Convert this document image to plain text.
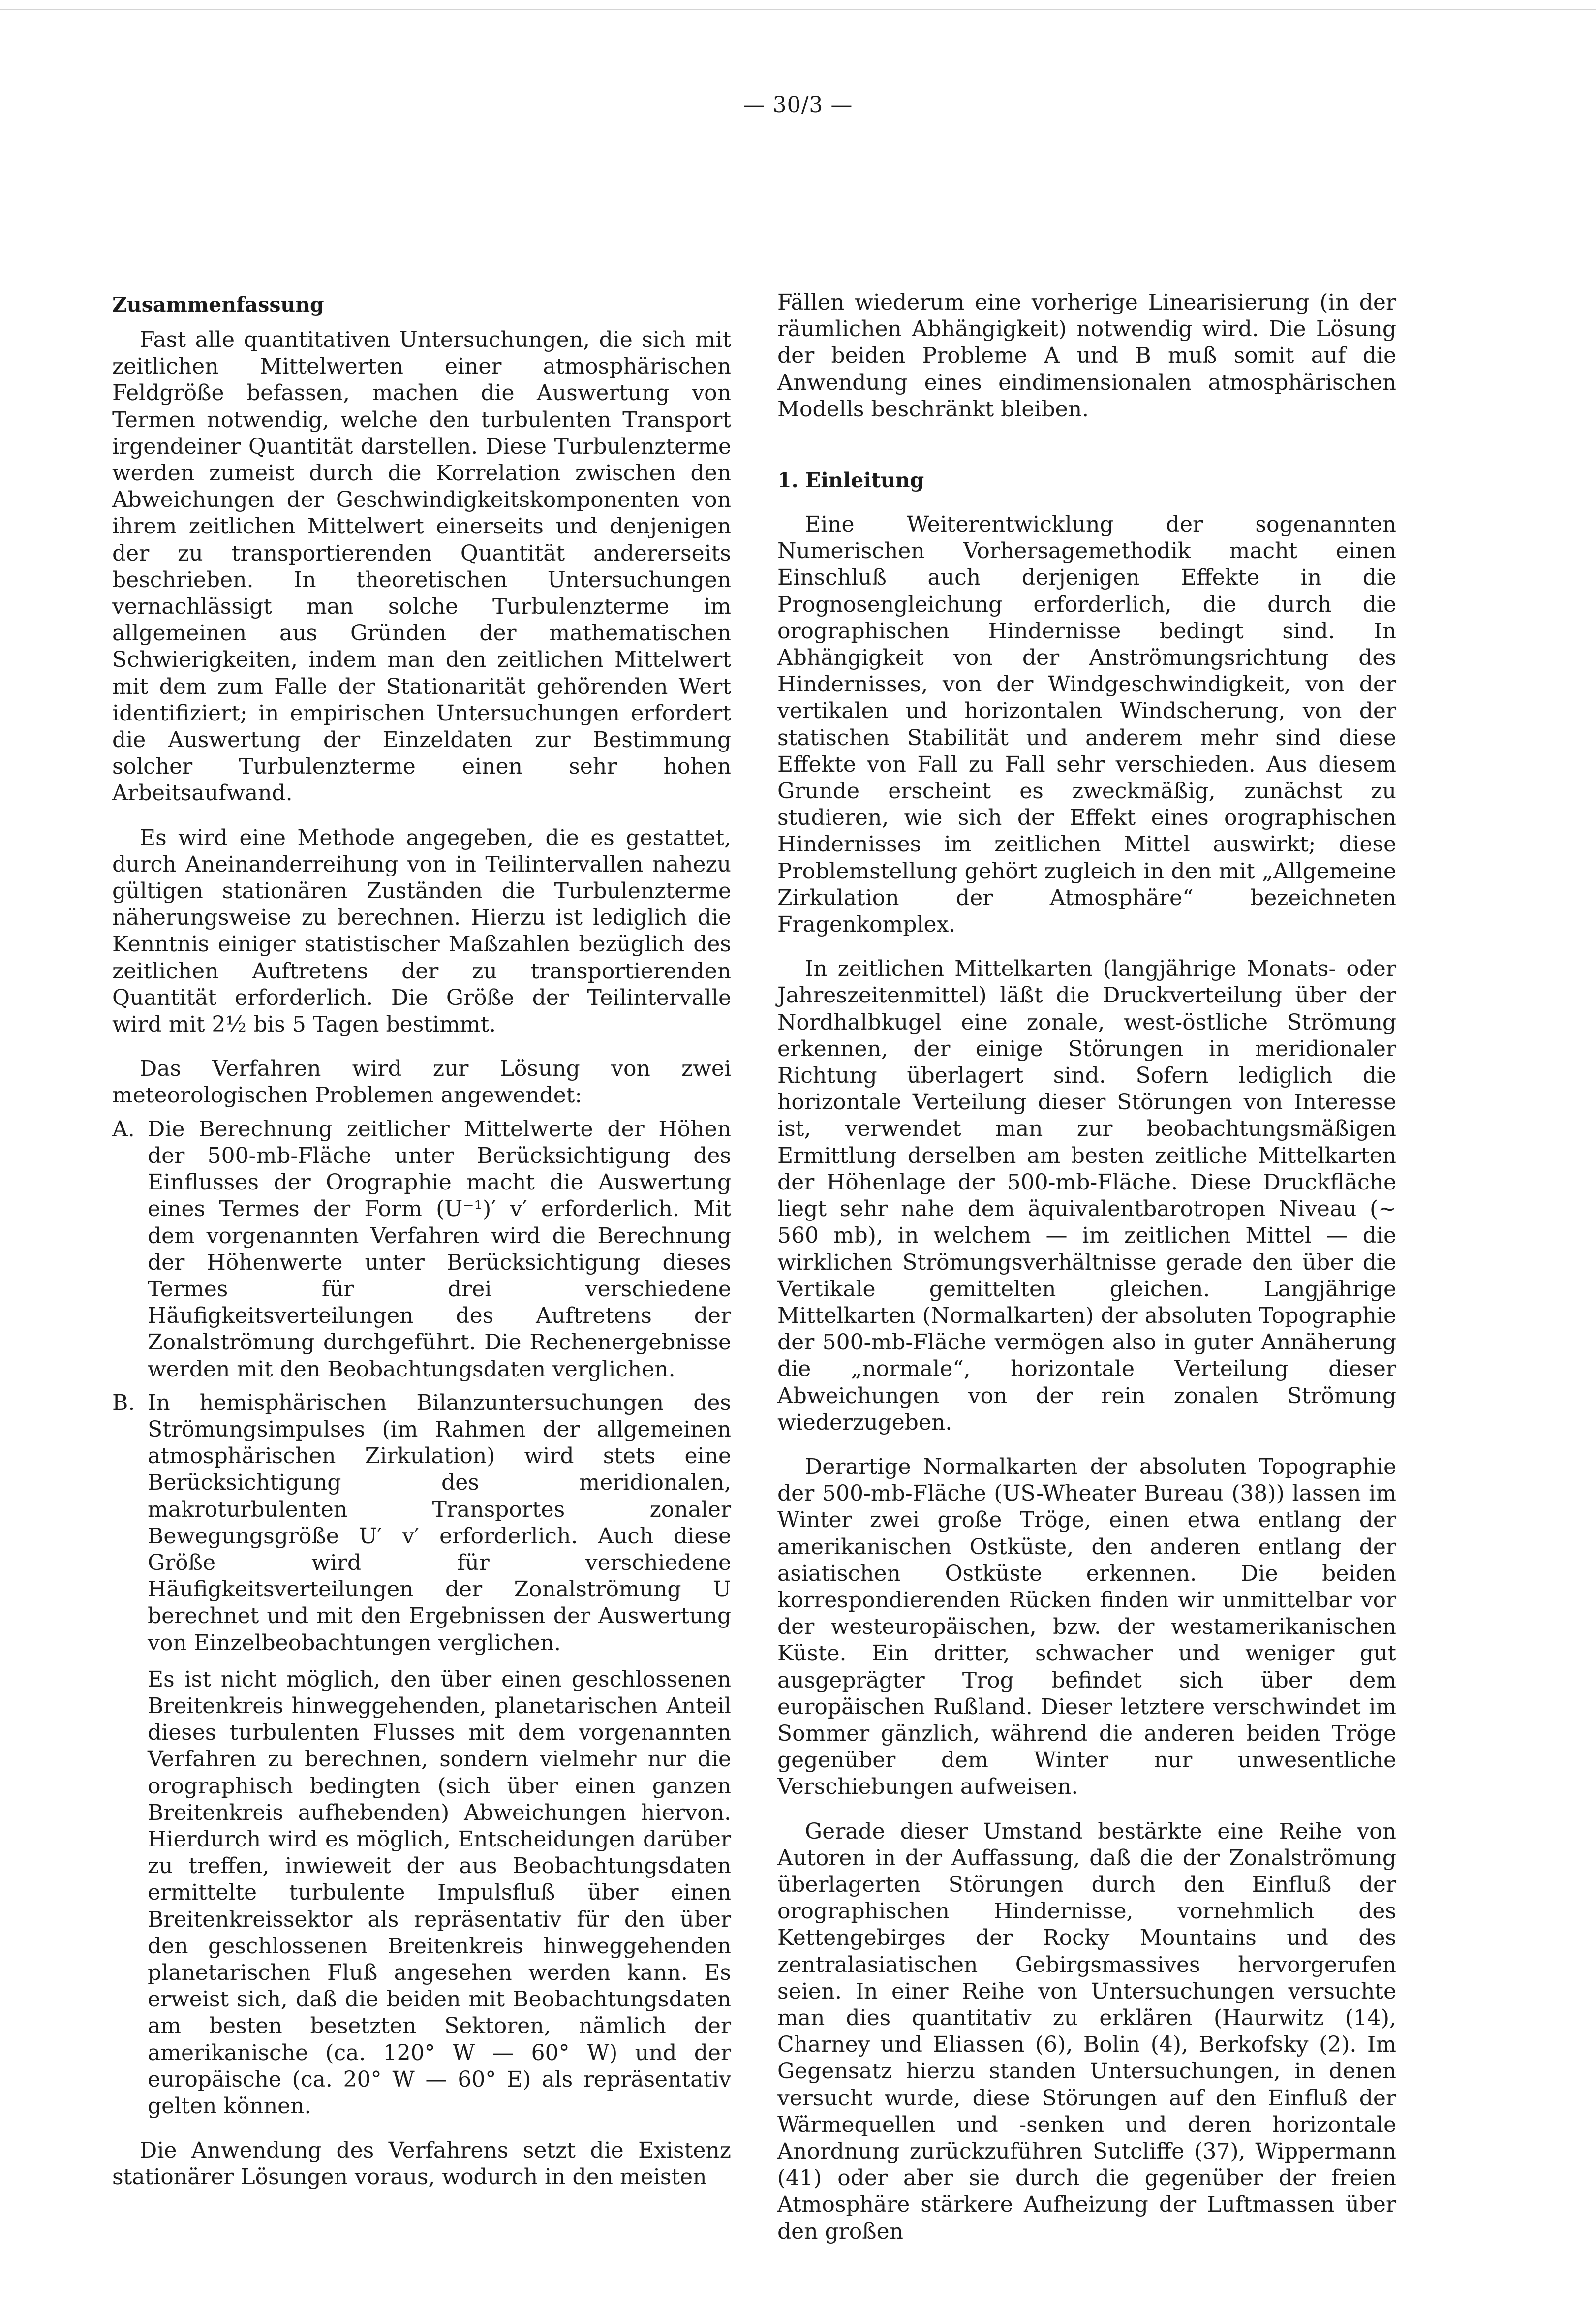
— 30/3 —
Zusammenfassung

Fast alle quantitativen Untersuchungen, die sich mit zeitlichen Mittelwerten einer atmosphärischen Feldgröße befassen, machen die Auswertung von Termen notwendig, welche den turbulenten Transport irgendeiner Quantität darstellen. Diese Turbulenzterme werden zumeist durch die Korrelation zwischen den Abweichungen der Geschwindigkeitskomponenten von ihrem zeitlichen Mittelwert einerseits und denjenigen der zu transportierenden Quantität andererseits beschrieben. In theoretischen Untersuchungen vernachlässigt man solche Turbulenzterme im allgemeinen aus Gründen der mathematischen Schwierigkeiten, indem man den zeitlichen Mittelwert mit dem zum Falle der Stationarität gehörenden Wert identifiziert; in empirischen Untersuchungen erfordert die Auswertung der Einzeldaten zur Bestimmung solcher Turbulenzterme einen sehr hohen Arbeitsaufwand.

Es wird eine Methode angegeben, die es gestattet, durch Aneinanderreihung von in Teilintervallen nahezu gültigen stationären Zuständen die Turbulenzterme näherungsweise zu berechnen. Hierzu ist lediglich die Kenntnis einiger statistischer Maßzahlen bezüglich des zeitlichen Auftretens der zu transportierenden Quantität erforderlich. Die Größe der Teilintervalle wird mit 2½ bis 5 Tagen bestimmt.

Das Verfahren wird zur Lösung von zwei meteorologischen Problemen angewendet:

A. Die Berechnung zeitlicher Mittelwerte der Höhen der 500-mb-Fläche unter Berücksichtigung des Einflusses der Orographie macht die Auswertung eines Termes der Form (U⁻¹)′ v′ erforderlich. Mit dem vorgenannten Verfahren wird die Berechnung der Höhenwerte unter Berücksichtigung dieses Termes für drei verschiedene Häufigkeitsverteilungen des Auftretens der Zonalströmung durchgeführt. Die Rechenergebnisse werden mit den Beobachtungsdaten verglichen.

B. In hemisphärischen Bilanzuntersuchungen des Strömungsimpulses (im Rahmen der allgemeinen atmosphärischen Zirkulation) wird stets eine Berücksichtigung des meridionalen, makroturbulenten Transportes zonaler Bewegungsgröße U′ v′ erforderlich. Auch diese Größe wird für verschiedene Häufigkeitsverteilungen der Zonalströmung U berechnet und mit den Ergebnissen der Auswertung von Einzelbeobachtungen verglichen.

Es ist nicht möglich, den über einen geschlossenen Breitenkreis hinweggehenden, planetarischen Anteil dieses turbulenten Flusses mit dem vorgenannten Verfahren zu berechnen, sondern vielmehr nur die orographisch bedingten (sich über einen ganzen Breitenkreis aufhebenden) Abweichungen hiervon. Hierdurch wird es möglich, Entscheidungen darüber zu treffen, inwieweit der aus Beobachtungsdaten ermittelte turbulente Impulsfluß über einen Breitenkreissektor als repräsentativ für den über den geschlossenen Breitenkreis hinweggehenden planetarischen Fluß angesehen werden kann. Es erweist sich, daß die beiden mit Beobachtungsdaten am besten besetzten Sektoren, nämlich der amerikanische (ca. 120° W — 60° W) und der europäische (ca. 20° W — 60° E) als repräsentativ gelten können.

Die Anwendung des Verfahrens setzt die Existenz stationärer Lösungen voraus, wodurch in den meisten

Fällen wiederum eine vorherige Linearisierung (in der räumlichen Abhängigkeit) notwendig wird. Die Lösung der beiden Probleme A und B muß somit auf die Anwendung eines eindimensionalen atmosphärischen Modells beschränkt bleiben.

1. Einleitung

Eine Weiterentwicklung der sogenannten Numerischen Vorhersagemethodik macht einen Einschluß auch derjenigen Effekte in die Prognosengleichung erforderlich, die durch die orographischen Hindernisse bedingt sind. In Abhängigkeit von der Anströmungsrichtung des Hindernisses, von der Windgeschwindigkeit, von der vertikalen und horizontalen Windscherung, von der statischen Stabilität und anderem mehr sind diese Effekte von Fall zu Fall sehr verschieden. Aus diesem Grunde erscheint es zweckmäßig, zunächst zu studieren, wie sich der Effekt eines orographischen Hindernisses im zeitlichen Mittel auswirkt; diese Problemstellung gehört zugleich in den mit „Allgemeine Zirkulation der Atmosphäre“ bezeichneten Fragenkomplex.

In zeitlichen Mittelkarten (langjährige Monats- oder Jahreszeitenmittel) läßt die Druckverteilung über der Nordhalbkugel eine zonale, west-östliche Strömung erkennen, der einige Störungen in meridionaler Richtung überlagert sind. Sofern lediglich die horizontale Verteilung dieser Störungen von Interesse ist, verwendet man zur beobachtungsmäßigen Ermittlung derselben am besten zeitliche Mittelkarten der Höhenlage der 500-mb-Fläche. Diese Druckfläche liegt sehr nahe dem äquivalentbarotropen Niveau (∼ 560 mb), in welchem — im zeitlichen Mittel — die wirklichen Strömungsverhältnisse gerade den über die Vertikale gemittelten gleichen. Langjährige Mittelkarten (Normalkarten) der absoluten Topographie der 500-mb-Fläche vermögen also in guter Annäherung die „normale“, horizontale Verteilung dieser Abweichungen von der rein zonalen Strömung wiederzugeben.

Derartige Normalkarten der absoluten Topographie der 500-mb-Fläche (US-Wheater Bureau (38)) lassen im Winter zwei große Tröge, einen etwa entlang der amerikanischen Ostküste, den anderen entlang der asiatischen Ostküste erkennen. Die beiden korrespondierenden Rücken finden wir unmittelbar vor der westeuropäischen, bzw. der westamerikanischen Küste. Ein dritter, schwacher und weniger gut ausgeprägter Trog befindet sich über dem europäischen Rußland. Dieser letztere verschwindet im Sommer gänzlich, während die anderen beiden Tröge gegenüber dem Winter nur unwesentliche Verschiebungen aufweisen.

Gerade dieser Umstand bestärkte eine Reihe von Autoren in der Auffassung, daß die der Zonalströmung überlagerten Störungen durch den Einfluß der orographischen Hindernisse, vornehmlich des Kettengebirges der Rocky Mountains und des zentralasiatischen Gebirgsmassives hervorgerufen seien. In einer Reihe von Untersuchungen versuchte man dies quantitativ zu erklären (Haurwitz (14), Charney und Eliassen (6), Bolin (4), Berkofsky (2). Im Gegensatz hierzu standen Untersuchungen, in denen versucht wurde, diese Störungen auf den Einfluß der Wärmequellen und -senken und deren horizontale Anordnung zurückzuführen Sutcliffe (37), Wippermann (41) oder aber sie durch die gegenüber der freien Atmosphäre stärkere Aufheizung der Luftmassen über den großen
